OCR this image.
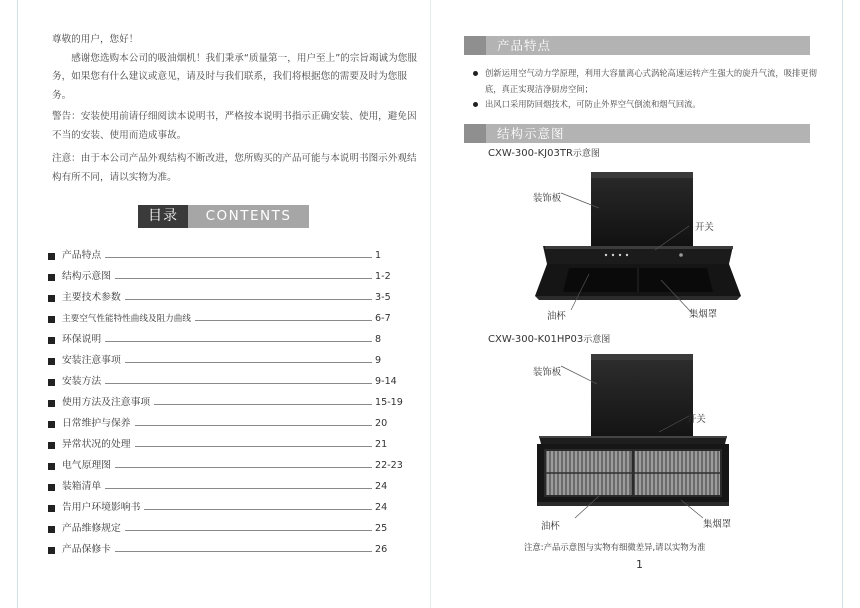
尊敬的用户，您好！
感谢您选购本公司的吸油烟机！我们秉承“质量第一，用户至上”的宗旨竭诚为您服务，如果您有什么建议或意见，请及时与我们联系，我们将根据您的需要及时为您服务。
警告：安装使用前请仔细阅读本说明书，严格按本说明书指示正确安装、使用，避免因不当的安装、使用而造成事故。
注意：由于本公司产品外观结构不断改进，您所购买的产品可能与本说明书图示外观结构有所不同，请以实物为准。
目录	CONTENTS
产品特点	1
结构示意图	1-2
主要技术参数	3-5
主要空气性能特性曲线及阻力曲线	6-7
环保说明	8
安装注意事项	9
安装方法	9-14
使用方法及注意事项	15-19
日常维护与保养	20
异常状况的处理	21
电气原理图	22-23
装箱清单	24
告用户环境影响书	24
产品维修规定	25
产品保修卡	26
产品特点
创新运用空气动力学原理，利用大容量离心式涡轮高速运转产生强大的旋升气流，吸排更彻底，真正实现洁净厨房空间；
出风口采用防回烟技术，可防止外界空气倒流和烟气回流。
结构示意图
CXW-300-KJ03TR示意图
装饰板
开关
油杯	集烟罩
CXW-300-K01HP03示意图
装饰板
开关
油杯	集烟罩
注意:产品示意图与实物有细微差异,请以实物为准
1
